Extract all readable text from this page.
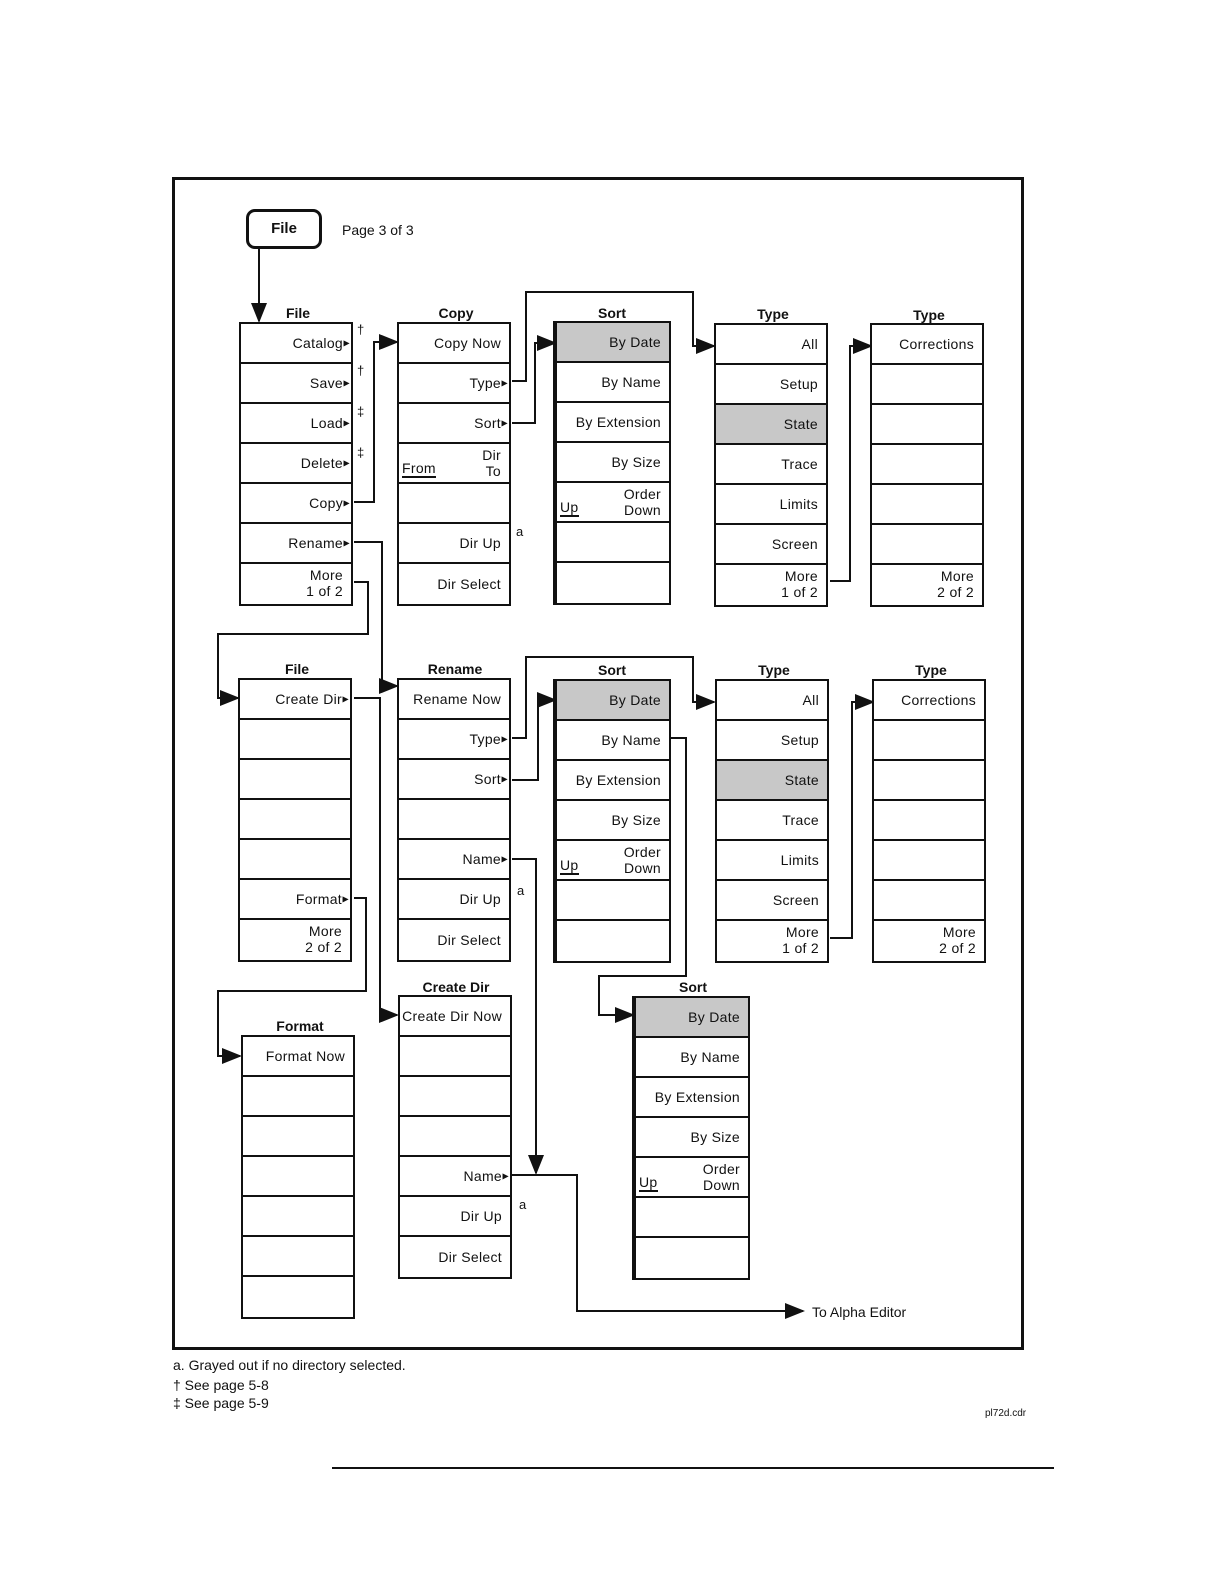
File	Page 3 of 3
File
Catalog ▶
Save ▶
Load ▶
Delete ▶
Copy ▶
Rename ▶
More
1 of 2
†
†
‡
‡
Copy
Copy Now
Type ▶
Sort ▶
Dir
To
From
Dir Up
Dir Select
a
Sort
By Date
By Name
By Extension
By Size
Order
Down
Up
Type
All
Setup
State
Trace
Limits
Screen
More
1 of 2
Type
Corrections
More
2 of 2
File
Create Dir ▶
Format ▶
More
2 of 2
Rename
Rename Now
Type ▶
Sort ▶
Name ▶
Dir Up
Dir Select
a
Sort
By Date
By Name
By Extension
By Size
Order
Down
Up
Type
All
Setup
State
Trace
Limits
Screen
More
1 of 2
Type
Corrections
More
2 of 2
Format
Format Now
Create Dir
Create Dir Now
Name ▶
Dir Up
Dir Select
a
Sort
By Date
By Name
By Extension
By Size
Order
Down
Up
To Alpha Editor
a. Grayed out if no directory selected.
† See page 5-8
‡ See page 5-9
pl72d.cdr
